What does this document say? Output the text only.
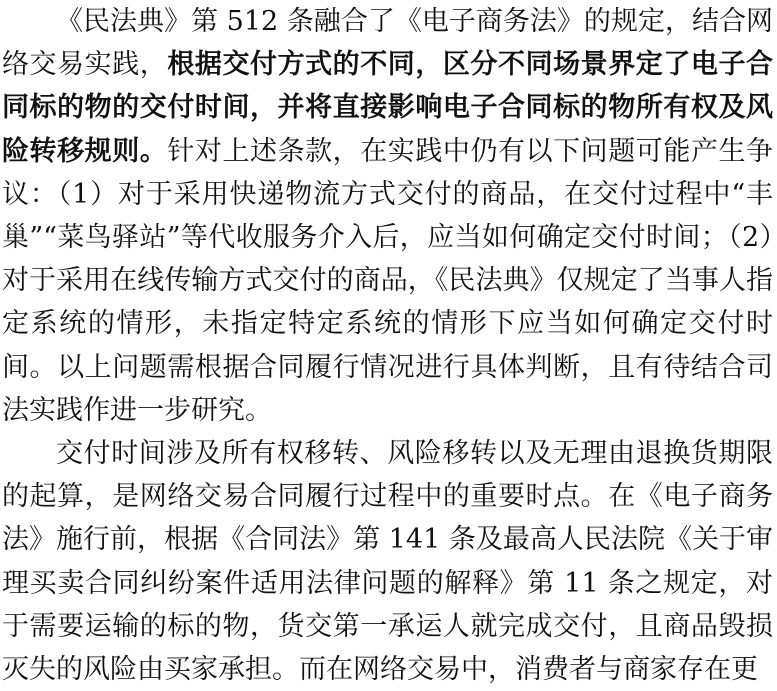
《民法典》第 512 条融合了《电子商务法》的规定，结合网络交易实践，根据交付方式的不同，区分不同场景界定了电子合同标的物的交付时间，并将直接影响电子合同标的物所有权及风险转移规则。针对上述条款，在实践中仍有以下问题可能产生争议：（1）对于采用快递物流方式交付的商品，在交付过程中“丰巢”“菜鸟驿站”等代收服务介入后，应当如何确定交付时间；（2）对于采用在线传输方式交付的商品，《民法典》仅规定了当事人指定系统的情形，未指定特定系统的情形下应当如何确定交付时间。以上问题需根据合同履行情况进行具体判断，且有待结合司法实践作进一步研究。

交付时间涉及所有权移转、风险移转以及无理由退换货期限的起算，是网络交易合同履行过程中的重要时点。在《电子商务法》施行前，根据《合同法》第 141 条及最高人民法院《关于审理买卖合同纠纷案件适用法律问题的解释》第 11 条之规定，对于需要运输的标的物，货交第一承运人就完成交付，且商品毁损灭失的风险由买家承担。而在网络交易中，消费者与商家存在更
